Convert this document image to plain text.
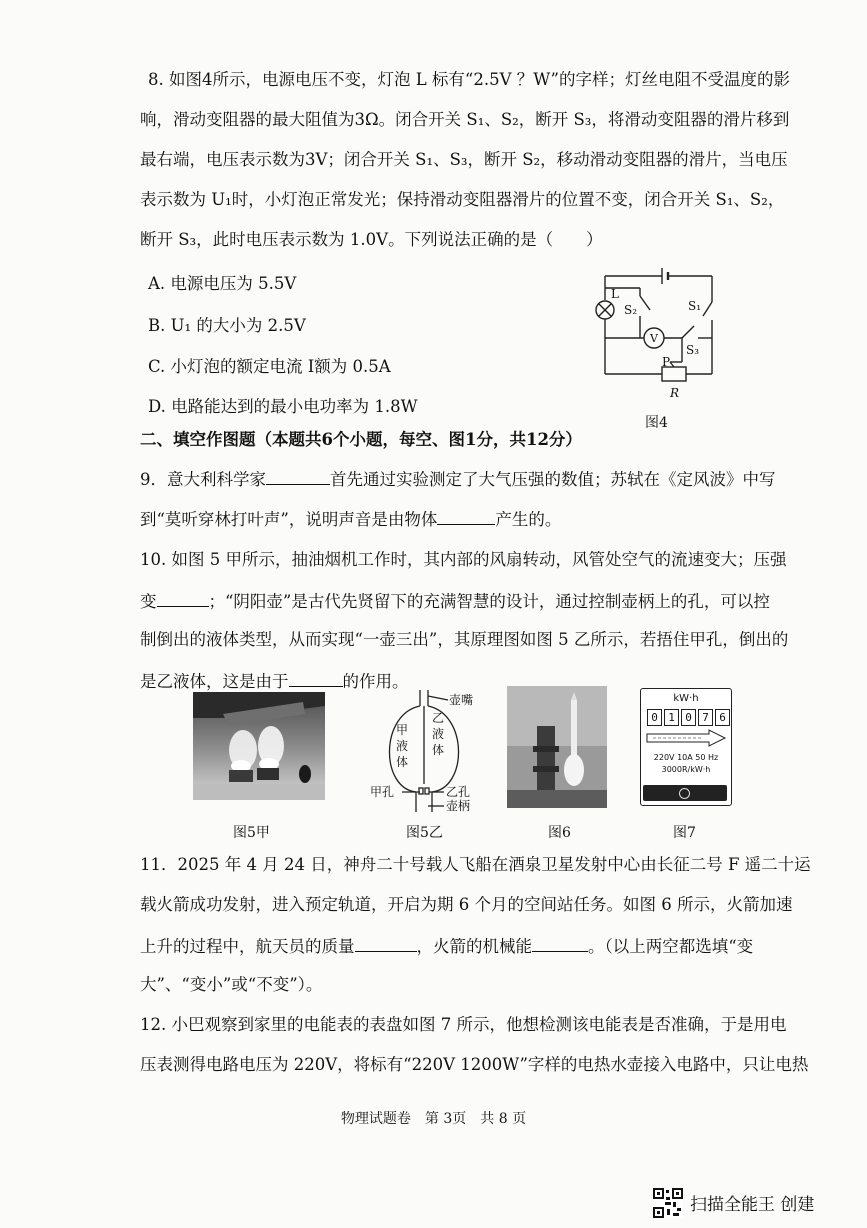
8. 如图4所示，电源电压不变，灯泡 L 标有“2.5V ？W”的字样；灯丝电阻不受温度的影
响，滑动变阻器的最大阻值为3Ω。闭合开关 S₁、S₂，断开 S₃，将滑动变阻器的滑片移到
最右端，电压表示数为3V；闭合开关 S₁、S₃，断开 S₂，移动滑动变阻器的滑片，当电压
表示数为 U₁时，小灯泡正常发光；保持滑动变阻器滑片的位置不变，闭合开关 S₁、S₂，
断开 S₃，此时电压表示数为 1.0V。下列说法正确的是（　　）
A. 电源电压为 5.5V
B. U₁ 的大小为 2.5V
C. 小灯泡的额定电流 I额为 0.5A
D. 电路能达到的最小电功率为 1.8W
L
S₂	S₁
V
S₃
P
R
图4
二、填空作图题（本题共6个小题，每空、图1分，共12分）
9．意大利科学家	首先通过实验测定了大气压强的数值；苏轼在《定风波》中写
到“莫听穿林打叶声”，说明声音是由物体	产生的。
10. 如图 5 甲所示，抽油烟机工作时，其内部的风扇转动，风管处空气的流速变大；压强
变	；“阴阳壶”是古代先贤留下的充满智慧的设计，通过控制壶柄上的孔，可以控
制倒出的液体类型，从而实现“一壶三出”，其原理图如图 5 乙所示，若捂住甲孔，倒出的
是乙液体，这是由于	的作用。
图5甲
壶嘴
甲孔	乙孔
壶柄
甲液体
乙液体
图5乙	图6
kW·h
0 1 0 7 6
220V 10A 50 Hz
3000R/kW·h
图7
11．2025 年 4 月 24 日，神舟二十号载人飞船在酒泉卫星发射中心由长征二号 F 遥二十运
载火箭成功发射，进入预定轨道，开启为期 6 个月的空间站任务。如图 6 所示，火箭加速
上升的过程中，航天员的质量	，火箭的机械能	。（以上两空都选填“变
大”、“变小”或“不变”）。
12. 小巴观察到家里的电能表的表盘如图 7 所示，他想检测该电能表是否准确，于是用电
压表测得电路电压为 220V，将标有“220V 1200W”字样的电热水壶接入电路中，只让电热
物理试题卷　第 3页　共 8 页
扫描全能王 创建
